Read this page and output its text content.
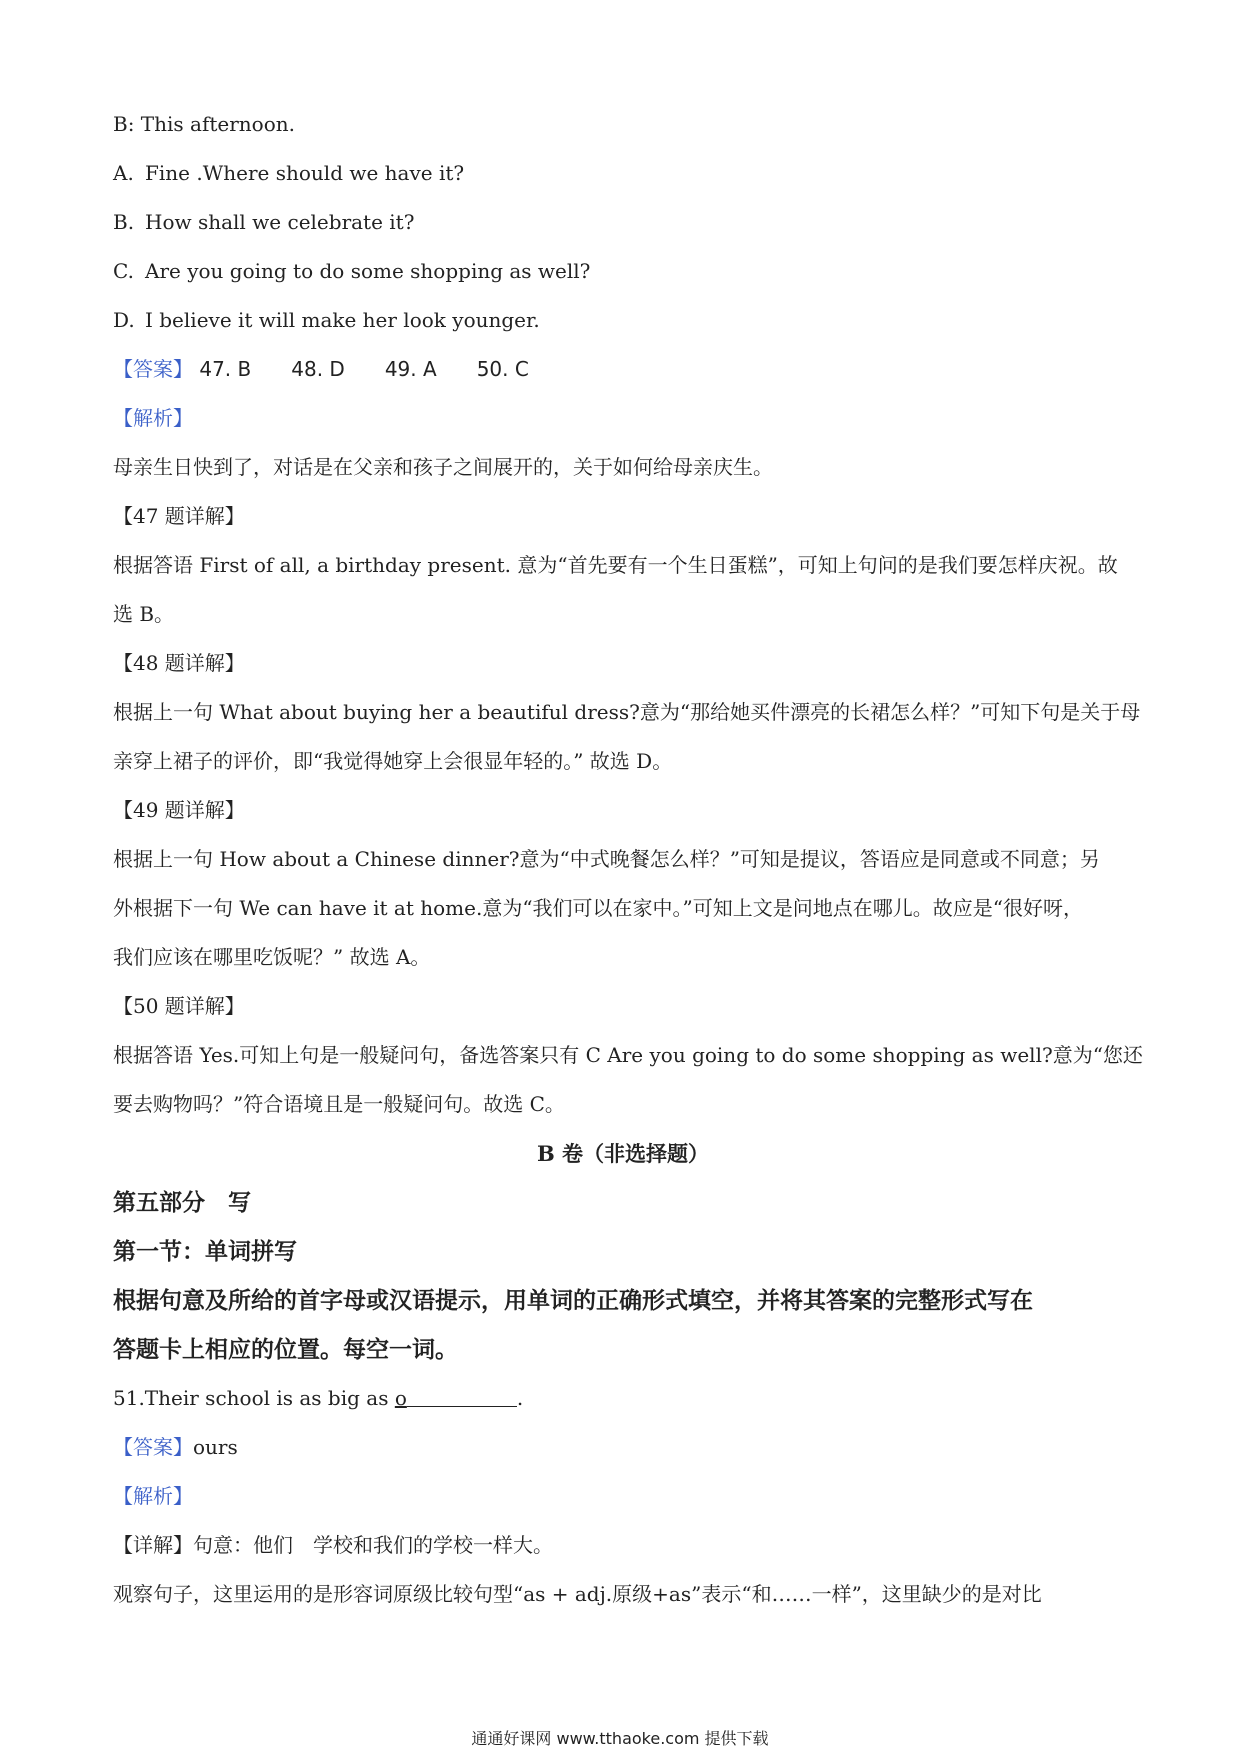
B: This afternoon.
A. Fine .Where should we have it?
B. How shall we celebrate it?
C. Are you going to do some shopping as well?
D. I believe it will make her look younger.
【答案】 47. B 48. D 49. A 50. C
【解析】
母亲生日快到了，对话是在父亲和孩子之间展开的，关于如何给母亲庆生。
【47 题详解】
根据答语 First of all, a birthday present. 意为“首先要有一个生日蛋糕”，可知上句问的是我们要怎样庆祝。故
选 B。
【48 题详解】
根据上一句 What about buying her a beautiful dress?意为“那给她买件漂亮的长裙怎么样？”可知下句是关于母
亲穿上裙子的评价，即“我觉得她穿上会很显年轻的。” 故选 D。
【49 题详解】
根据上一句 How about a Chinese dinner?意为“中式晚餐怎么样？”可知是提议，答语应是同意或不同意；另
外根据下一句 We can have it at home.意为“我们可以在家中。”可知上文是问地点在哪儿。故应是“很好呀，
我们应该在哪里吃饭呢？” 故选 A。
【50 题详解】
根据答语 Yes.可知上句是一般疑问句，备选答案只有 C Are you going to do some shopping as well?意为“您还
要去购物吗？”符合语境且是一般疑问句。故选 C。
B 卷（非选择题）
第五部分　写
第一节：单词拼写
根据句意及所给的首字母或汉语提示，用单词的正确形式填空，并将其答案的完整形式写在
答题卡上相应的位置。每空一词。
51.Their school is as big as o	.
【答案】ours
【解析】
【详解】句意：他们　学校和我们的学校一样大。
观察句子，这里运用的是形容词原级比较句型“as + adj.原级+as”表示“和……一样”，这里缺少的是对比
通通好课网 www.tthaoke.com 提供下载
